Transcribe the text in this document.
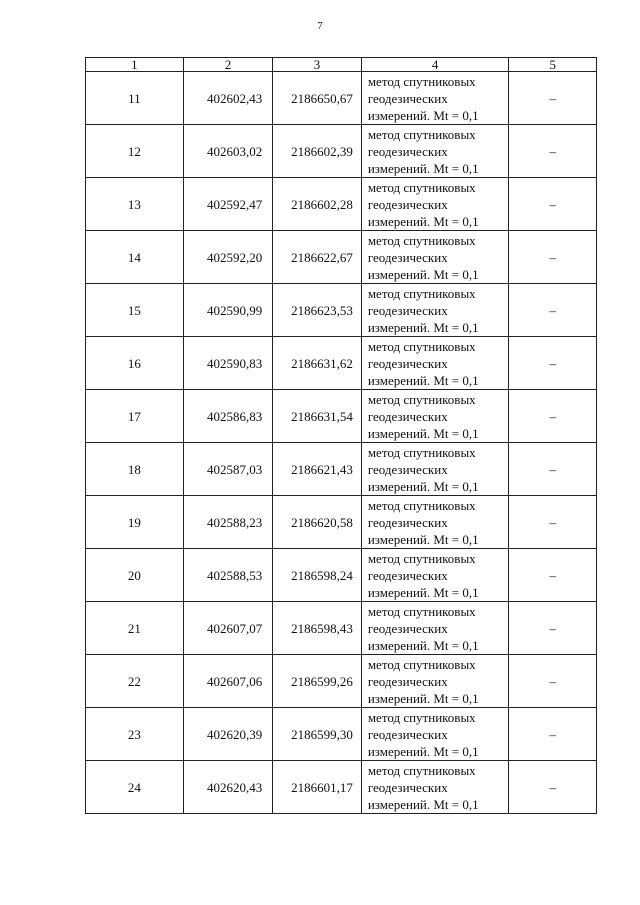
7
1	2	3	4	5
11	402602,43	2186650,67	метод спутниковых
геодезических
измерений. Mt = 0,1	–
12	402603,02	2186602,39	метод спутниковых
геодезических
измерений. Mt = 0,1	–
13	402592,47	2186602,28	метод спутниковых
геодезических
измерений. Mt = 0,1	–
14	402592,20	2186622,67	метод спутниковых
геодезических
измерений. Mt = 0,1	–
15	402590,99	2186623,53	метод спутниковых
геодезических
измерений. Mt = 0,1	–
16	402590,83	2186631,62	метод спутниковых
геодезических
измерений. Mt = 0,1	–
17	402586,83	2186631,54	метод спутниковых
геодезических
измерений. Mt = 0,1	–
18	402587,03	2186621,43	метод спутниковых
геодезических
измерений. Mt = 0,1	–
19	402588,23	2186620,58	метод спутниковых
геодезических
измерений. Mt = 0,1	–
20	402588,53	2186598,24	метод спутниковых
геодезических
измерений. Mt = 0,1	–
21	402607,07	2186598,43	метод спутниковых
геодезических
измерений. Mt = 0,1	–
22	402607,06	2186599,26	метод спутниковых
геодезических
измерений. Mt = 0,1	–
23	402620,39	2186599,30	метод спутниковых
геодезических
измерений. Mt = 0,1	–
24	402620,43	2186601,17	метод спутниковых
геодезических
измерений. Mt = 0,1	–
